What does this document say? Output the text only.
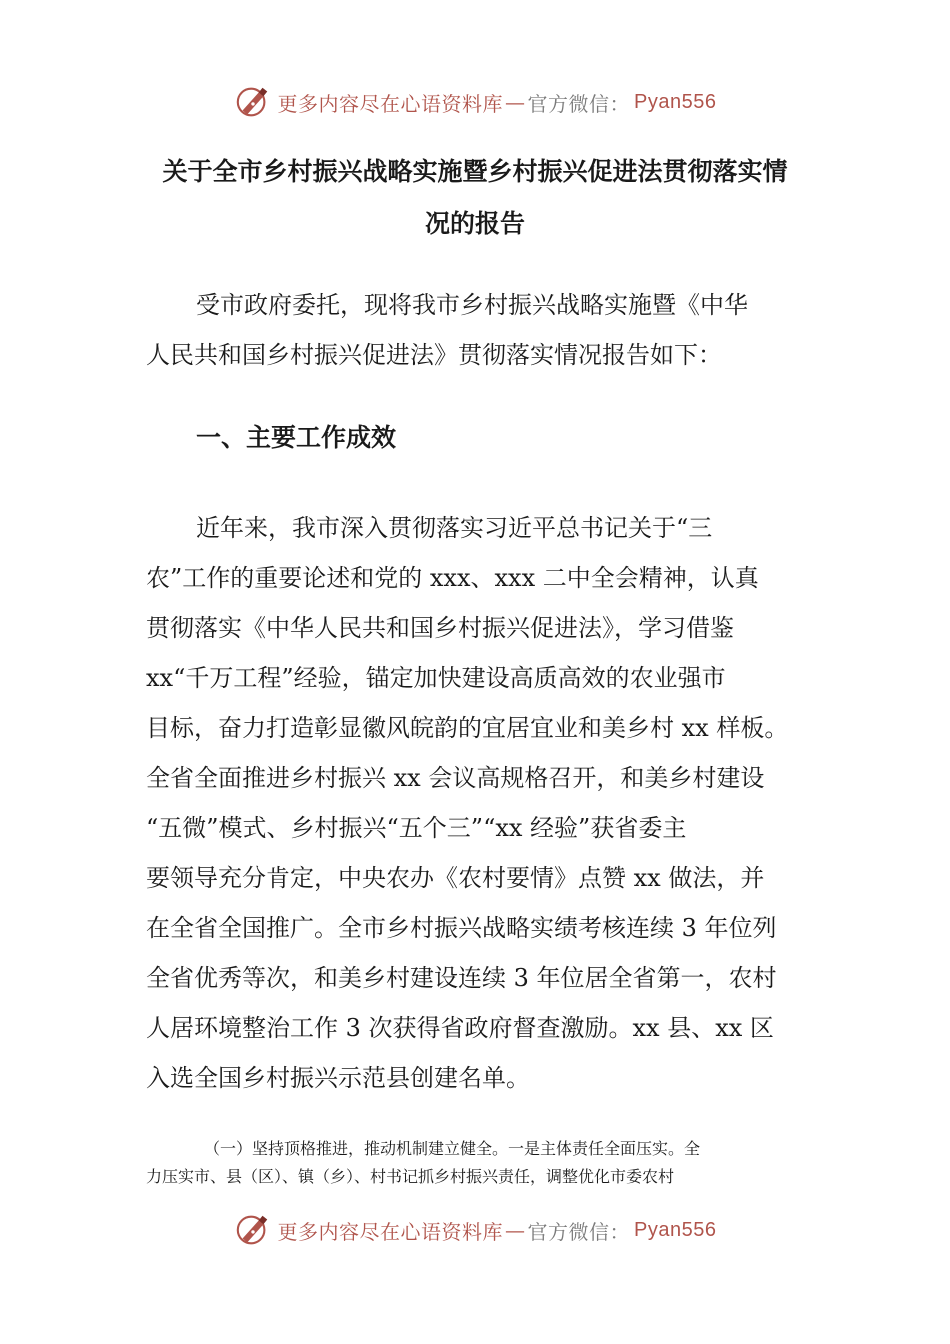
更多内容尽在心语资料库 — 官方微信： Pyan556
关于全市乡村振兴战略实施暨乡村振兴促进法贯彻落实情
况的报告
受市政府委托，现将我市乡村振兴战略实施暨《中华
人民共和国乡村振兴促进法》贯彻落实情况报告如下：
一、主要工作成效
近年来，我市深入贯彻落实习近平总书记关于“三
农”工作的重要论述和党的 xxx、xxx 二中全会精神，认真
贯彻落实《中华人民共和国乡村振兴促进法》，学习借鉴
xx“千万工程”经验，锚定加快建设高质高效的农业强市
目标，奋力打造彰显徽风皖韵的宜居宜业和美乡村 xx 样板。
全省全面推进乡村振兴 xx 会议高规格召开，和美乡村建设
“五微”模式、乡村振兴“五个三”“xx 经验”获省委主
要领导充分肯定，中央农办《农村要情》点赞 xx 做法，并
在全省全国推广。全市乡村振兴战略实绩考核连续 3 年位列
全省优秀等次，和美乡村建设连续 3 年位居全省第一，农村
人居环境整治工作 3 次获得省政府督查激励。xx 县、xx 区
入选全国乡村振兴示范县创建名单。
（一）坚持顶格推进，推动机制建立健全。一是主体责任全面压实。全
力压实市、县（区）、镇（乡）、村书记抓乡村振兴责任，调整优化市委农村
更多内容尽在心语资料库 — 官方微信： Pyan556
